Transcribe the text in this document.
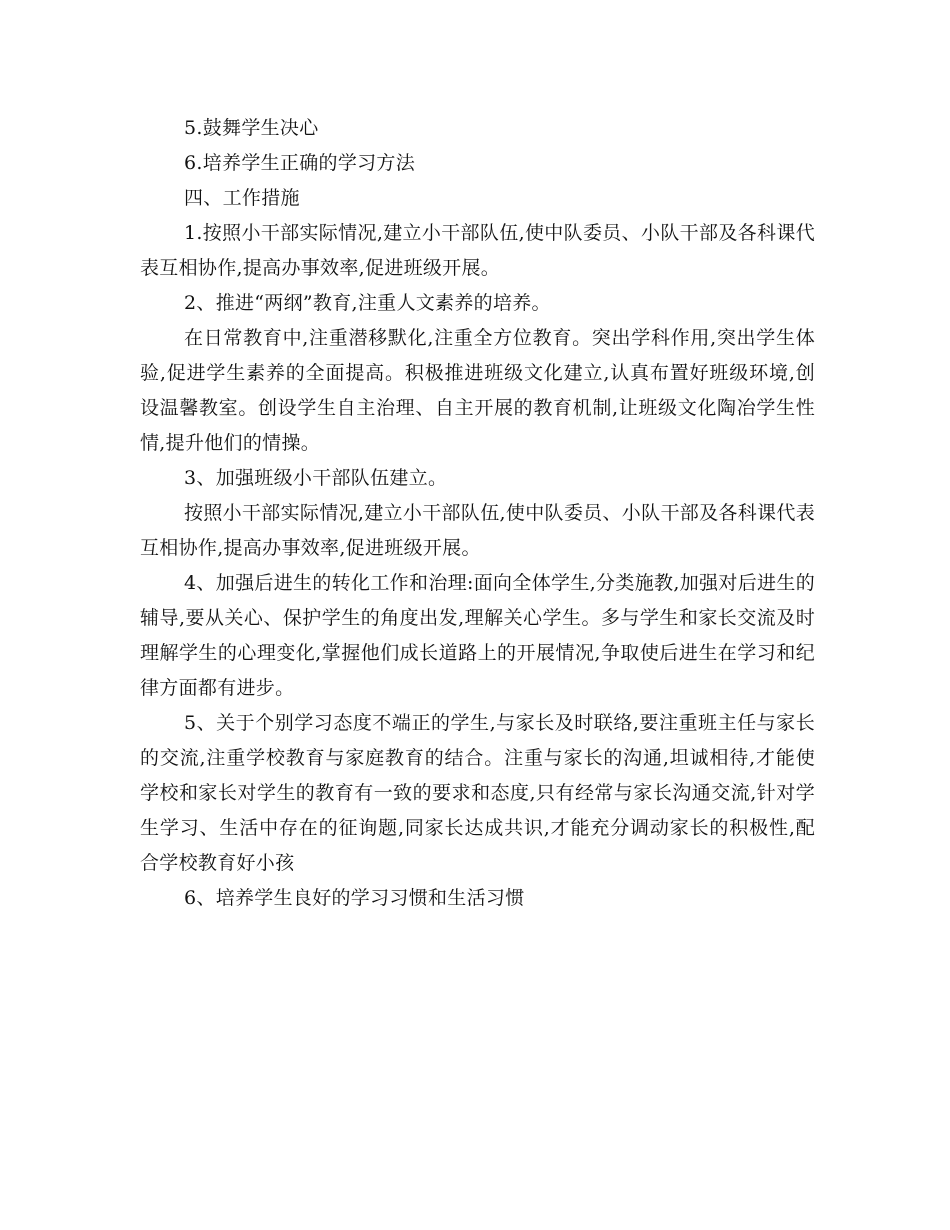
5.鼓舞学生决心

6.培养学生正确的学习方法

四、工作措施

1.按照小干部实际情况,建立小干部队伍,使中队委员、小队干部及各科课代表互相协作,提高办事效率,促进班级开展。

2、推进“两纲”教育,注重人文素养的培养。

在日常教育中,注重潜移默化,注重全方位教育。突出学科作用,突出学生体验,促进学生素养的全面提高。积极推进班级文化建立,认真布置好班级环境,创设温馨教室。创设学生自主治理、自主开展的教育机制,让班级文化陶冶学生性情,提升他们的情操。

3、加强班级小干部队伍建立。

按照小干部实际情况,建立小干部队伍,使中队委员、小队干部及各科课代表互相协作,提高办事效率,促进班级开展。

4、加强后进生的转化工作和治理:面向全体学生,分类施教,加强对后进生的辅导,要从关心、保护学生的角度出发,理解关心学生。多与学生和家长交流及时理解学生的心理变化,掌握他们成长道路上的开展情况,争取使后进生在学习和纪律方面都有进步。

5、关于个别学习态度不端正的学生,与家长及时联络,要注重班主任与家长的交流,注重学校教育与家庭教育的结合。注重与家长的沟通,坦诚相待,才能使学校和家长对学生的教育有一致的要求和态度,只有经常与家长沟通交流,针对学生学习、生活中存在的征询题,同家长达成共识,才能充分调动家长的积极性,配合学校教育好小孩

6、培养学生良好的学习习惯和生活习惯
